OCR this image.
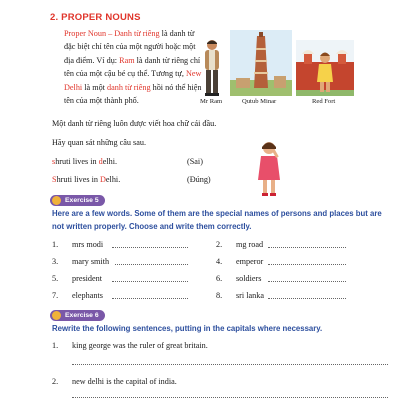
2. PROPER NOUNS
Proper Noun – Danh từ riêng là danh từ đặc biệt chỉ tên của một người hoặc một địa điểm. Ví dụ: Ram là danh từ riêng chỉ tên của một cậu bé cụ thể. Tương tự, New Delhi là một danh từ riêng hồi nó thể hiện tên của một thành phố.	Mr Ram	Qutub Minar	Red Fort
Một danh từ riêng luôn được viết hoa chữ cái đầu.
Hãy quan sát những câu sau.
shruti lives in delhi.	(Sai)
Shruti lives in Delhi.	(Đúng)
Exercise 5
Here are a few words. Some of them are the special names of persons and places but are not written properly. Choose and write them correctly.
1. mrs modi	2. mg road
3. mary smith	4. emperor
5. president	6. soldiers
7. elephants	8. sri lanka
Exercise 6
Rewrite the following sentences, putting in the capitals where necessary.
1. king george was the ruler of great britain.
2. new delhi is the capital of india.
